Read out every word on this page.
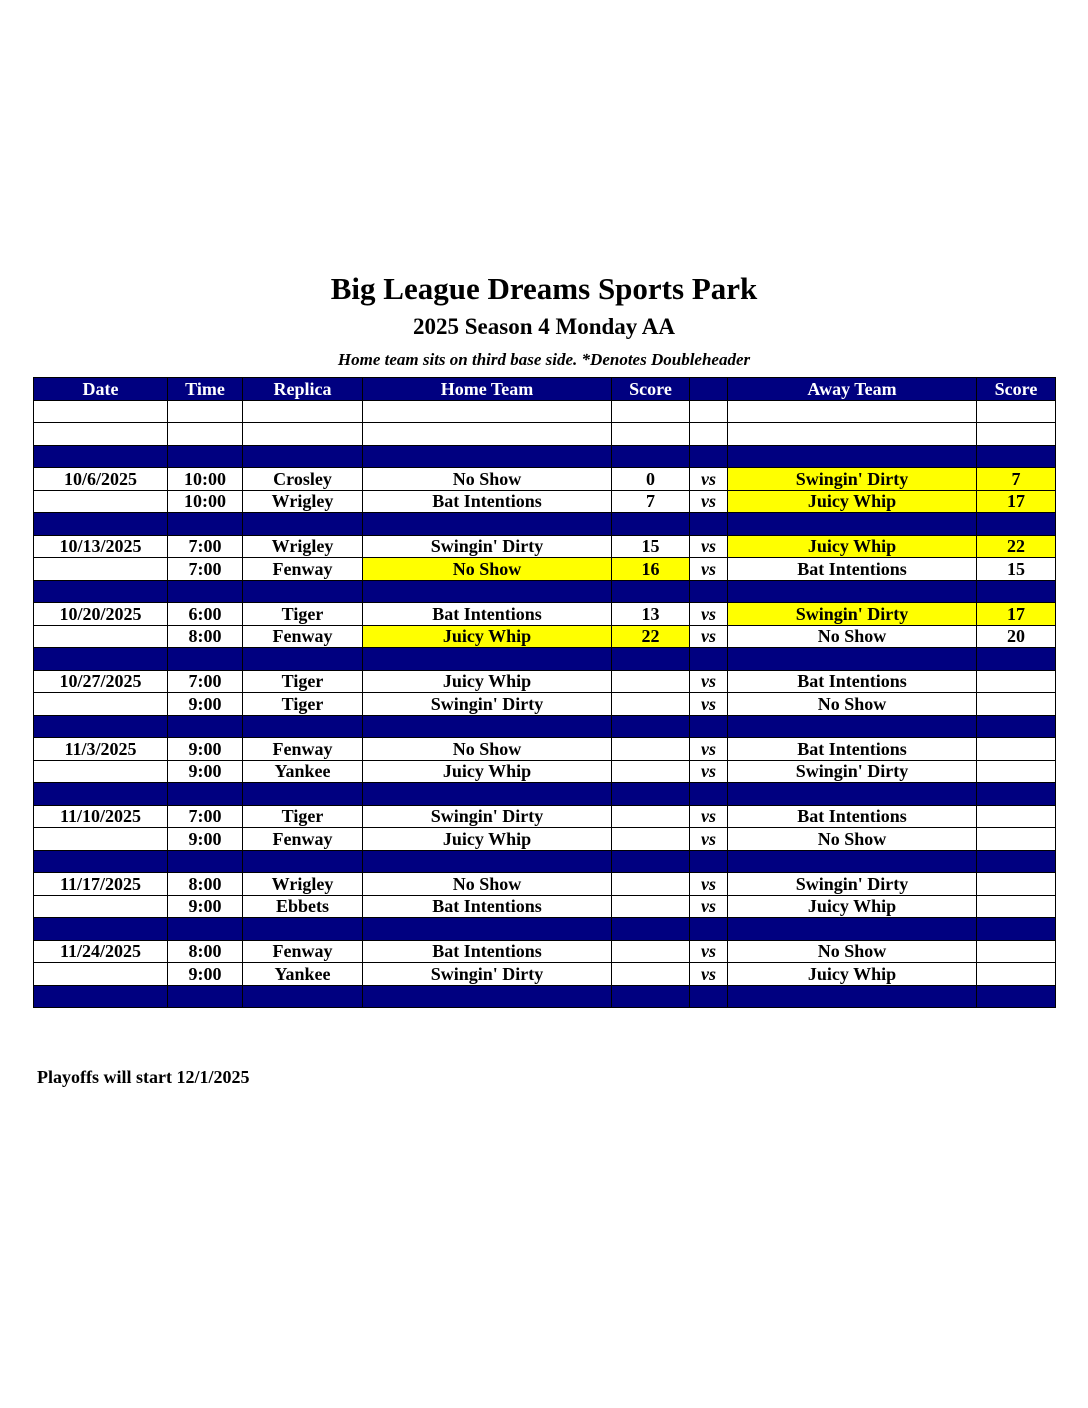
Big League Dreams Sports Park
2025 Season 4 Monday AA
Home team sits on third base side. *Denotes Doubleheader
Date	Time	Replica	Home Team	Score		Away Team	Score

10/6/2025	10:00	Crosley	No Show	0	vs	Swingin' Dirty	7
	10:00	Wrigley	Bat Intentions	7	vs	Juicy Whip	17

10/13/2025	7:00	Wrigley	Swingin' Dirty	15	vs	Juicy Whip	22
	7:00	Fenway	No Show	16	vs	Bat Intentions	15

10/20/2025	6:00	Tiger	Bat Intentions	13	vs	Swingin' Dirty	17
	8:00	Fenway	Juicy Whip	22	vs	No Show	20

10/27/2025	7:00	Tiger	Juicy Whip		vs	Bat Intentions	
	9:00	Tiger	Swingin' Dirty		vs	No Show	

11/3/2025	9:00	Fenway	No Show		vs	Bat Intentions	
	9:00	Yankee	Juicy Whip		vs	Swingin' Dirty	

11/10/2025	7:00	Tiger	Swingin' Dirty		vs	Bat Intentions	
	9:00	Fenway	Juicy Whip		vs	No Show	

11/17/2025	8:00	Wrigley	No Show		vs	Swingin' Dirty	
	9:00	Ebbets	Bat Intentions		vs	Juicy Whip	

11/24/2025	8:00	Fenway	Bat Intentions		vs	No Show	
	9:00	Yankee	Swingin' Dirty		vs	Juicy Whip	

Playoffs will start 12/1/2025
